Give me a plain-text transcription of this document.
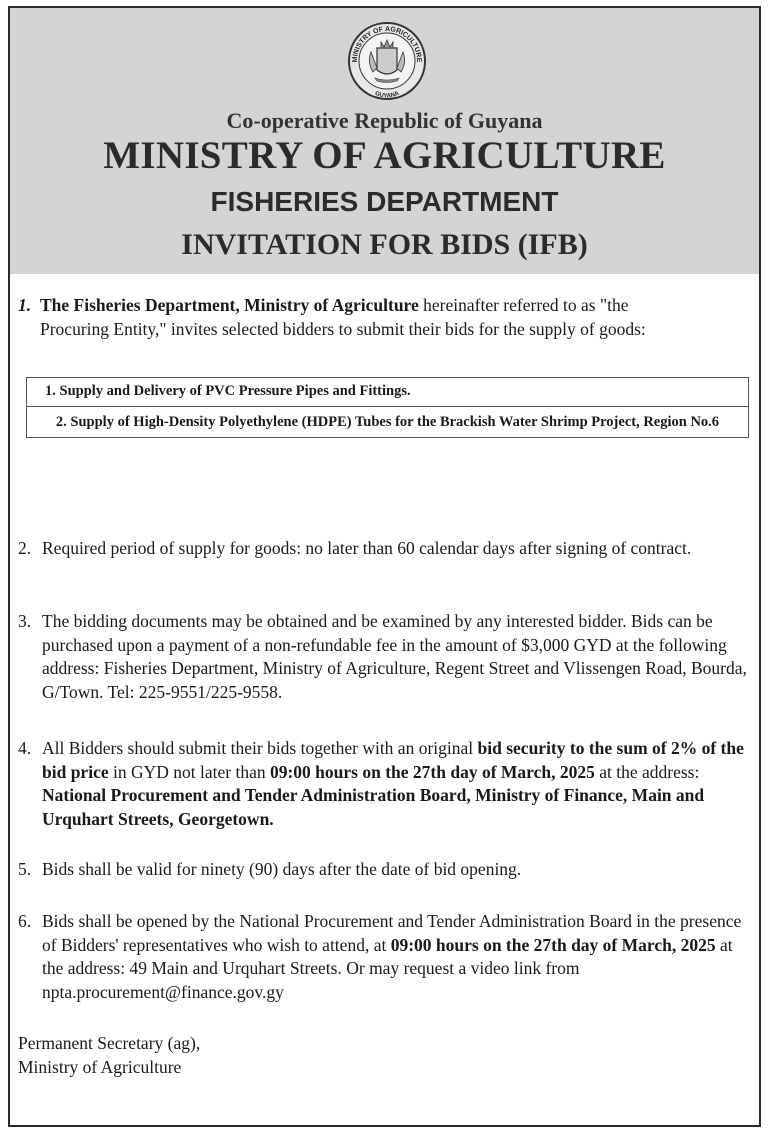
MINISTRY OF AGRICULTURE
GUYANA
Co-operative Republic of Guyana
MINISTRY OF AGRICULTURE
FISHERIES DEPARTMENT
INVITATION FOR BIDS (IFB)
1. The Fisheries Department, Ministry of Agriculture hereinafter referred to as "the
Procuring Entity," invites selected bidders to submit their bids for the supply of goods:
1. Supply and Delivery of PVC Pressure Pipes and Fittings.
2. Supply of High-Density Polyethylene (HDPE) Tubes for the Brackish Water Shrimp Project, Region No.6
2. Required period of supply for goods: no later than 60 calendar days after signing of contract.
3. The bidding documents may be obtained and be examined by any interested bidder. Bids can be purchased upon a payment of a non-refundable fee in the amount of $3,000 GYD at the following address: Fisheries Department, Ministry of Agriculture, Regent Street and Vlissengen Road, Bourda, G/Town. Tel: 225-9551/225-9558.
4. All Bidders should submit their bids together with an original bid security to the sum of 2% of the bid price in GYD not later than 09:00 hours on the 27th day of March, 2025 at the address: National Procurement and Tender Administration Board, Ministry of Finance, Main and Urquhart Streets, Georgetown.
5. Bids shall be valid for ninety (90) days after the date of bid opening.
6. Bids shall be opened by the National Procurement and Tender Administration Board in the presence of Bidders' representatives who wish to attend, at 09:00 hours on the 27th day of March, 2025 at the address: 49 Main and Urquhart Streets. Or may request a video link from npta.procurement@finance.gov.gy
Permanent Secretary (ag),
Ministry of Agriculture
